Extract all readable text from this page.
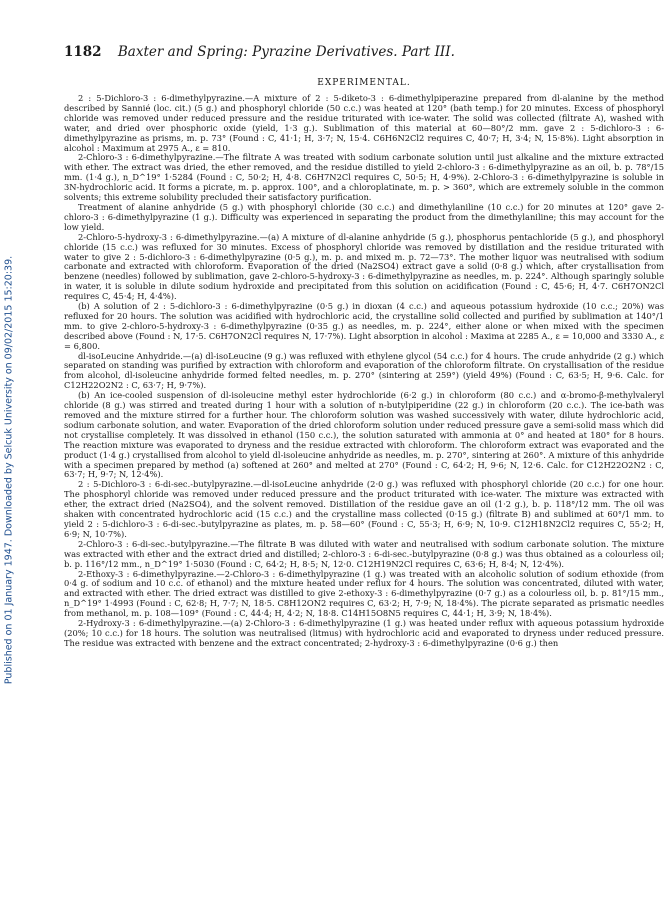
Published on 01 January 1947. Downloaded by Selcuk University on 09/02/2015 15:20:39.
1182 Baxter and Spring: Pyrazine Derivatives. Part III.
EXPERIMENTAL.

2 : 5-Dichloro-3 : 6-dimethylpyrazine.—A mixture of 2 : 5-diketo-3 : 6-dimethylpiperazine prepared from dl-alanine by the method described by Sannié (loc. cit.) (5 g.) and phosphoryl chloride (50 c.c.) was heated at 120° (bath temp.) for 20 minutes. Excess of phosphoryl chloride was removed under reduced pressure and the residue triturated with ice-water. The solid was collected (filtrate A), washed with water, and dried over phosphoric oxide (yield, 1·3 g.). Sublimation of this material at 60—80°/2 mm. gave 2 : 5-dichloro-3 : 6-dimethylpyrazine as prisms, m. p. 73° (Found : C, 41·1; H, 3·7; N, 15·4. C6H6N2Cl2 requires C, 40·7; H, 3·4; N, 15·8%). Light absorption in alcohol : Maximum at 2975 A., ε = 810.

2-Chloro-3 : 6-dimethylpyrazine.—The filtrate A was treated with sodium carbonate solution until just alkaline and the mixture extracted with ether. The extract was dried, the ether removed, and the residue distilled to yield 2-chloro-3 : 6-dimethylpyrazine as an oil, b. p. 78°/15 mm. (1·4 g.), n_D^19° 1·5284 (Found : C, 50·2; H, 4·8. C6H7N2Cl requires C, 50·5; H, 4·9%). 2-Chloro-3 : 6-dimethylpyrazine is soluble in 3N-hydrochloric acid. It forms a picrate, m. p. approx. 100°, and a chloroplatinate, m. p. > 360°, which are extremely soluble in the common solvents; this extreme solubility precluded their satisfactory purification.

Treatment of alanine anhydride (5 g.) with phosphoryl chloride (30 c.c.) and dimethylaniline (10 c.c.) for 20 minutes at 120° gave 2-chloro-3 : 6-dimethylpyrazine (1 g.). Difficulty was experienced in separating the product from the dimethylaniline; this may account for the low yield.

2-Chloro-5-hydroxy-3 : 6-dimethylpyrazine.—(a) A mixture of dl-alanine anhydride (5 g.), phosphorus pentachloride (5 g.), and phosphoryl chloride (15 c.c.) was refluxed for 30 minutes. Excess of phosphoryl chloride was removed by distillation and the residue triturated with water to give 2 : 5-dichloro-3 : 6-dimethylpyrazine (0·5 g.), m. p. and mixed m. p. 72—73°. The mother liquor was neutralised with sodium carbonate and extracted with chloroform. Evaporation of the dried (Na2SO4) extract gave a solid (0·8 g.) which, after crystallisation from benzene (needles) followed by sublimation, gave 2-chloro-5-hydroxy-3 : 6-dimethylpyrazine as needles, m. p. 224°. Although sparingly soluble in water, it is soluble in dilute sodium hydroxide and precipitated from this solution on acidification (Found : C, 45·6; H, 4·7. C6H7ON2Cl requires C, 45·4; H, 4·4%).

(b) A solution of 2 : 5-dichloro-3 : 6-dimethylpyrazine (0·5 g.) in dioxan (4 c.c.) and aqueous potassium hydroxide (10 c.c.; 20%) was refluxed for 20 hours. The solution was acidified with hydrochloric acid, the crystalline solid collected and purified by sublimation at 140°/1 mm. to give 2-chloro-5-hydroxy-3 : 6-dimethylpyrazine (0·35 g.) as needles, m. p. 224°, either alone or when mixed with the specimen described above (Found : N, 17·5. C6H7ON2Cl requires N, 17·7%). Light absorption in alcohol : Maxima at 2285 A., ε = 10,000 and 3330 A., ε = 6,800.

dl-isoLeucine Anhydride.—(a) dl-isoLeucine (9 g.) was refluxed with ethylene glycol (54 c.c.) for 4 hours. The crude anhydride (2 g.) which separated on standing was purified by extraction with chloroform and evaporation of the chloroform filtrate. On crystallisation of the residue from alcohol, dl-isoleucine anhydride formed felted needles, m. p. 270° (sintering at 259°) (yield 49%) (Found : C, 63·5; H, 9·6. Calc. for C12H22O2N2 : C, 63·7; H, 9·7%).

(b) An ice-cooled suspension of dl-isoleucine methyl ester hydrochloride (6·2 g.) in chloroform (80 c.c.) and α-bromo-β-methylvaleryl chloride (8 g.) was stirred and treated during 1 hour with a solution of n-butylpiperidine (22 g.) in chloroform (20 c.c.). The ice-bath was removed and the mixture stirred for a further hour. The chloroform solution was washed successively with water, dilute hydrochloric acid, sodium carbonate solution, and water. Evaporation of the dried chloroform solution under reduced pressure gave a semi-solid mass which did not crystallise completely. It was dissolved in ethanol (150 c.c.), the solution saturated with ammonia at 0° and heated at 180° for 8 hours. The reaction mixture was evaporated to dryness and the residue extracted with chloroform. The chloroform extract was evaporated and the product (1·4 g.) crystallised from alcohol to yield dl-isoleucine anhydride as needles, m. p. 270°, sintering at 260°. A mixture of this anhydride with a specimen prepared by method (a) softened at 260° and melted at 270° (Found : C, 64·2; H, 9·6; N, 12·6. Calc. for C12H22O2N2 : C, 63·7; H, 9·7; N, 12·4%).

2 : 5-Dichloro-3 : 6-di-sec.-butylpyrazine.—dl-isoLeucine anhydride (2·0 g.) was refluxed with phosphoryl chloride (20 c.c.) for one hour. The phosphoryl chloride was removed under reduced pressure and the product triturated with ice-water. The mixture was extracted with ether, the extract dried (Na2SO4), and the solvent removed. Distillation of the residue gave an oil (1·2 g.), b. p. 118°/12 mm. The oil was shaken with concentrated hydrochloric acid (15 c.c.) and the crystalline mass collected (0·15 g.) (filtrate B) and sublimed at 60°/1 mm. to yield 2 : 5-dichloro-3 : 6-di-sec.-butylpyrazine as plates, m. p. 58—60° (Found : C, 55·3; H, 6·9; N, 10·9. C12H18N2Cl2 requires C, 55·2; H, 6·9; N, 10·7%).

2-Chloro-3 : 6-di-sec.-butylpyrazine.—The filtrate B was diluted with water and neutralised with sodium carbonate solution. The mixture was extracted with ether and the extract dried and distilled; 2-chloro-3 : 6-di-sec.-butylpyrazine (0·8 g.) was thus obtained as a colourless oil; b. p. 116°/12 mm., n_D^19° 1·5030 (Found : C, 64·2; H, 8·5; N, 12·0. C12H19N2Cl requires C, 63·6; H, 8·4; N, 12·4%).

2-Ethoxy-3 : 6-dimethylpyrazine.—2-Chloro-3 : 6-dimethylpyrazine (1 g.) was treated with an alcoholic solution of sodium ethoxide (from 0·4 g. of sodium and 10 c.c. of ethanol) and the mixture heated under reflux for 4 hours. The solution was concentrated, diluted with water, and extracted with ether. The dried extract was distilled to give 2-ethoxy-3 : 6-dimethylpyrazine (0·7 g.) as a colourless oil, b. p. 81°/15 mm., n_D^19° 1·4993 (Found : C, 62·8; H, 7·7; N, 18·5. C8H12ON2 requires C, 63·2; H, 7·9; N, 18·4%). The picrate separated as prismatic needles from methanol, m. p. 108—109° (Found : C, 44·4; H, 4·2; N, 18·8. C14H15O8N5 requires C, 44·1; H, 3·9; N, 18·4%).

2-Hydroxy-3 : 6-dimethylpyrazine.—(a) 2-Chloro-3 : 6-dimethylpyrazine (1 g.) was heated under reflux with aqueous potassium hydroxide (20%; 10 c.c.) for 18 hours. The solution was neutralised (litmus) with hydrochloric acid and evaporated to dryness under reduced pressure. The residue was extracted with benzene and the extract concentrated; 2-hydroxy-3 : 6-dimethylpyrazine (0·6 g.) then
